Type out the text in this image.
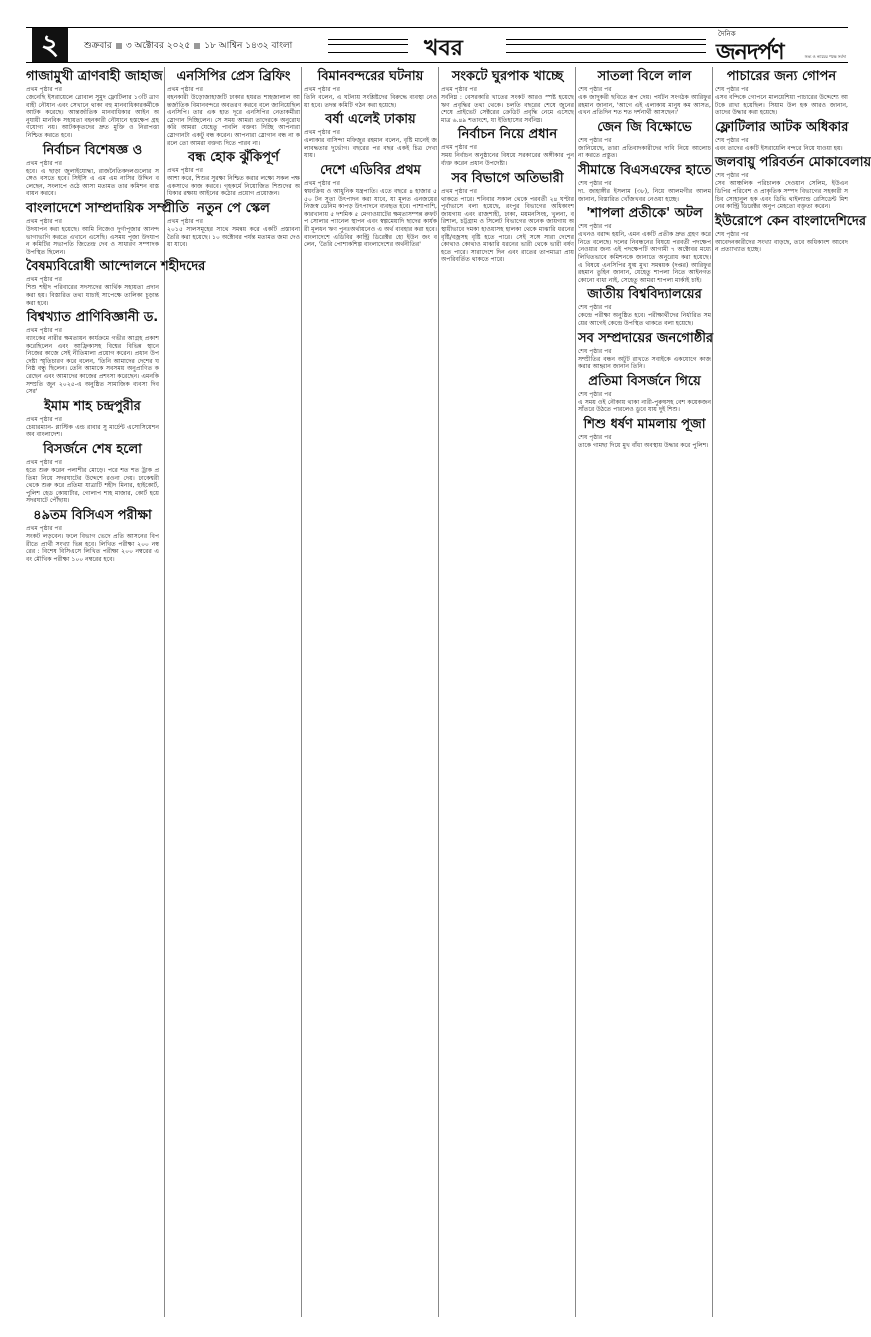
২	শুক্রবার ৩ অক্টোবর ২০২৫ ১৮ আশ্বিন ১৪৩২ বাংলা	খবর
দৈনিক
জনদর্পণ	সত্য ও ন্যায়ের পক্ষে সর্বদা
গাজামুখী ত্রাণবাহী জাহাজ

প্রথম পৃষ্ঠার পর

জেনেছি ইসরায়েলে গ্লোবাল সুমুদ ফ্লোটিলার ১৩টি ত্রাণবাহী নৌযান এবং সেখানে থাকা বহু মানবাধিকারকর্মীকে আটক করেছে। আন্তর্জাতিক মানবাধিকার আইন অনুযায়ী মানবিক সহায়তা বহনকারী নৌযানে হস্তক্ষেপ গ্রহণযোগ্য নয়। আটককৃতদের দ্রুত মুক্তি ও নিরাপত্তা নিশ্চিত করতে হবে।

নির্বাচন বিশেষজ্ঞ ও

প্রথম পৃষ্ঠার পর

হবে। এ ছাড়া জুলাইযোদ্ধা, রাজনৈতিকদলগুলোর সঙ্গেও বসতে হবে। সিইসি এ এম এম নাসির উদ্দিন বলেছেন, সংলাপে ওঠে আসা মতামত তার কমিশন বাস্তবায়ন করবে।

বাংলাদেশে সাম্প্রদায়িক সম্প্রীতি

প্রথম পৃষ্ঠার পর

উদযাপন করা হয়েছে। আমি নিজেও দুর্গাপূজার আনন্দ ভাগাভাগি করতে এখানে এসেছি। এসময় পূজা উদযাপন কমিটির সভাপতি জিতেন্দ্র দেব ও সাধারণ সম্পাদক উপস্থিত ছিলেন।

বৈষম্যবিরোধী আন্দোলনে শহীদদের

প্রথম পৃষ্ঠার পর

শিশু শহীদ পরিবারের সদস্যদের আর্থিক সহায়তা প্রদান করা হয়। বিস্তারিত তথ্য যাচাই সাপেক্ষে তালিকা চূড়ান্ত করা হবে।

বিশ্বখ্যাত প্রাণিবিজ্ঞানী ড.

প্রথম পৃষ্ঠার পর

ব্যাংকের নারীর ক্ষমতায়ন কার্যক্রমে গভীর আগ্রহ প্রকাশ করেছিলেন এবং আফ্রিকাসহ বিশ্বের বিভিন্ন স্থানে নিজের কাজে সেই নীতিমালা প্রয়োগ করেন। প্রধান উপদেষ্টা স্মৃতিচারণ করে বলেন, 'তিনি আমাদের দেশের ঘনিষ্ঠ বন্ধু ছিলেন। তেনি আমাকে সবসময় অনুপ্রাণিত করেছেন এবং আমাদের কাজের প্রশংসা করেছেন। এমনকি সম্প্রতি জুন ২০২৫-এ অনুষ্ঠিত সামাজিক ব্যবসা দিবসের'

ইমাম শাহ চন্দ্রপুরীর

প্রথম পৃষ্ঠার পর

চেয়ারম্যান- প্লাস্টিক এন্ড রাবার সু মার্চেন্ট এসোসিয়েশন অব বাংলাদেশ।

বিসর্জনে শেষ হলো

প্রথম পৃষ্ঠার পর

হতে শুরু করেন পলাশীর মোড়ে। পরে শত শত ট্রাক প্রতিমা নিয়ে সদরঘাটের উদ্দেশে রওনা দেয়। ঢাকেশ্বরী থেকে শুরু করে প্রতিমা যাত্রাটি শহীদ মিনার, হাইকোর্ট, পুলিশ হেড কোয়ার্টার, গোলাপ শাহ মাজার, কোর্ট হয়ে সদরঘাটে পৌঁছায়।

৪৯তম বিসিএস পরীক্ষা

প্রথম পৃষ্ঠার পর

সংকট লড়বেন। ফলে বিভাগ ভেদে প্রতি আসনের বিপরীতে প্রার্থী সংখ্যা ভিন্ন হবে। লিখিত পরীক্ষা ২০০ নম্বরের : বিশেষ বিসিএসে লিখিত পরীক্ষা ২০০ নম্বরের এবং মৌখিক পরীক্ষা ১০০ নম্বরের হবে।

এনসিপির প্রেস ব্রিফিং

প্রথম পৃষ্ঠার পর

বহনকারী উড়োজাহাজটি ঢাকার হযরত শাহজালাল আন্তর্জাতিক বিমানবন্দরে অবতরণ করবে বলে জানিয়েছিল এনসিপি। তার এক হাত দূরে এনসিপির নেতাকর্মীরা স্লোগান দিচ্ছিলেন। সে সময় আমরা তাদেরকে অনুরোধ করি আমরা যেহেতু পাবলি বক্তব্য দিচ্ছি আপনারা স্লোগানটা একটু বন্ধ করেন। আপনারা স্লোগান বন্ধ না করলে তো আমরা বক্তব্য দিতে পারব না।

বন্ধ হোক ঝুঁকিপূর্ণ

প্রথম পৃষ্ঠার পর

আশা করে, শিশুর সুরক্ষা নিশ্চিত করার লক্ষ্যে সকল পক্ষ একসাথে কাজ করবে। গৃহকর্মে নিয়োজিত শিশুদের অধিকার রক্ষায় আইনের কঠোর প্রয়োগ প্রয়োজন।

নতুন পে স্কেল

প্রথম পৃষ্ঠার পর

২০১৫ সালসমূহের সাথে সমন্বয় করে একটি প্রস্তাবনা তৈরি করা হয়েছে। ১০ অক্টোবর পর্যন্ত মতামত জমা দেওয়া যাবে।

বিমানবন্দরের ঘটনায়

প্রথম পৃষ্ঠার পর

তিনি বলেন, এ ঘটনায় সংশ্লিষ্টদের বিরুদ্ধে ব্যবস্থা নেওয়া হবে। তদন্ত কমিটি গঠন করা হয়েছে।

বর্ষা এলেই ঢাকায়

প্রথম পৃষ্ঠার পর

এলাকার বাসিন্দা মফিজুর রহমান বলেন, বৃষ্টি মানেই জলাবদ্ধতার দুর্ভোগ। বছরের পর বছর একই চিত্র দেখা যায়।

দেশে এডিবির প্রথম

প্রথম পৃষ্ঠার পর

স্বয়ংক্রিয় ও আধুনিক যন্ত্রপাতি। এতে বছরে ৪ হাজার ৫৫০ টন সুতা উৎপাদন করা যাবে, যা মূলত এনজয়ের নিজস্ব ডেনিম কাপড় উৎপাদনে ব্যবহৃত হবে। পাশাপাশি, কারখানায় ৫ দশমিক ৫ মেগাওয়াটের ক্ষমতাসম্পন্ন রুফটপ সোলার প্যানেল স্থাপন এবং স্বল্পমেয়াদি ছাদের কার্যকরী মূলধন ঋণ পুনঃঅর্থায়নেও এ অর্থ ব্যবহার করা হবে। বাংলাদেশে এডিবির কান্ট্রি ডিরেক্টর হো ইউন জং বলেন, 'তৈরি পোশাকশিল্প বাংলাদেশের অর্থনীতির'

সংকটে ঘুরপাক খাচ্ছে

প্রথম পৃষ্ঠার পর

সর্বনিম্ন : বেসরকারি খাতের সংকট আরও স্পষ্ট হয়েছে ঋণ প্রবৃদ্ধির তথ্য থেকে। চলতি বছরের শেষে জুনের শেষে প্রাইভেট সেক্টরের ক্রেডিট প্রবৃদ্ধি নেমে এসেছে মাত্র ৬.৪৯ শতাংশে, যা ইতিহাসের সর্বনিম্ন।

নির্বাচন নিয়ে প্রধান

প্রথম পৃষ্ঠার পর

সময় নির্বাচন অনুষ্ঠানের বিষয়ে সরকারের অঙ্গীকার পুনর্ব্যক্ত করেন প্রধান উপদেষ্টা।

সব বিভাগে অতিভারী

প্রথম পৃষ্ঠার পর

থাকতে পারে। শনিবার সকাল থেকে পরবর্তী ২৪ ঘণ্টার পূর্বাভাসে বলা হয়েছে, রংপুর বিভাগের অধিকাংশ জায়গায় এবং রাজশাহী, ঢাকা, ময়মনসিংহ, খুলনা, বরিশাল, চট্টগ্রাম ও সিলেট বিভাগের অনেক জায়গায় অস্থায়ীভাবে দমকা হাওয়াসহ হালকা থেকে মাঝারি ধরনের বৃষ্টি/বজ্রসহ বৃষ্টি হতে পারে। সেই সঙ্গে সারা দেশের কোথাও কোথাও মাঝারি ধরনের ভারী থেকে ভারী বর্ষণ হতে পারে। সারাদেশে দিন এবং রাতের তাপমাত্রা প্রায় অপরিবর্তিত থাকতে পারে।

সাতলা বিলে লাল

শেষ পৃষ্ঠার পর

এক জাদুকরী ছবিতে রূপ দেয়। পর্যটন সংগঠক আরিফুর রহমান জানান, 'আগে এই এলাকায় মানুষ কম আসত, এখন প্রতিদিন শত শত দর্শনার্থী আসছেন।'

জেন জি বিক্ষোভে

শেষ পৃষ্ঠার পর

জানিয়েছে, তারা প্রতিবাদকারীদের দাবি নিয়ে আলোচনা করতে প্রস্তুত।

সীমান্তে বিএসএফের হাতে

শেষ পৃষ্ঠার পর

দা. জাহাঙ্গীর ইসলাম (৩৮), নিয়ে আলমগীর আলম জানান, বিস্তারিত খোঁজখবর নেওয়া হচ্ছে।

'শাপলা প্রতীকে' অটল

শেষ পৃষ্ঠার পর

এখনও বরাদ্দ হয়নি, এমন একটি প্রতীক দ্রুত গ্রহণ করে নিতে বলেছে। দলের নিবন্ধনের বিষয়ে পরবর্তী পদক্ষেপ নেওয়ার জন্য এই পদক্ষেপটি আগামী ৭ অক্টোবর মধ্যে লিখিতভাবে কমিশনকে জানাতে অনুরোধ করা হয়েছে। এ বিষয়ে এনসিপির যুগ্ম মুখ্য সমন্বয়ক (দপ্তর) আরিফুর রহমান তুহিন জানান, যেহেতু শাপলা নিতে আইনগত কোনো বাধা নাই, সেহেতু আমরা শাপলা মার্কাই চাই।

জাতীয় বিশ্ববিদ্যালয়ের

শেষ পৃষ্ঠার পর

কেন্দ্রে পরীক্ষা অনুষ্ঠিত হবে। পরীক্ষার্থীদের নির্ধারিত সময়ের আগেই কেন্দ্রে উপস্থিত থাকতে বলা হয়েছে।

সব সম্প্রদায়ের জনগোষ্ঠীর

শেষ পৃষ্ঠার পর

সম্প্রীতির বন্ধন অটুট রাখতে সবাইকে একযোগে কাজ করার আহ্বান জানান তিনি।

প্রতিমা বিসর্জনে গিয়ে

শেষ পৃষ্ঠার পর

এ সময় ওই নৌকায় থাকা নারী-পুরুষসহ বেশ কয়েকজন সাঁতরে উঠতে পারলেও ডুবে যায় দুই শিশু।

শিশু ধর্ষণ মামলায় পূজা

শেষ পৃষ্ঠার পর

তাকে গামছা দিয়ে মুখ বাঁধা অবস্থায় উদ্ধার করে পুলিশ।

পাচারের জন্য গোপন

শেষ পৃষ্ঠার পর

এসব বন্দিকে গোপনে মালয়েশিয়া পাচারের উদ্দেশ্যে আটকে রাখা হয়েছিল। সিয়াম উল হক আরও জানান, তাদের উদ্ধার করা হয়েছে।

ফ্লোটিলার আটক অধিকার

শেষ পৃষ্ঠার পর

এবং তাদের একটি ইসরায়েলি বন্দরে নিয়ে যাওয়া হয়।

জলবায়ু পরিবর্তন মোকাবেলায়

শেষ পৃষ্ঠার পর

সেব আঞ্চলিক পরিচালক দেওয়ান সেলিম, ইউএনডিপির পরিবেশ ও প্রাকৃতিক সম্পদ বিভাগের সহকারী সচিব সোহানুল হক এবং ডিভি থাইল্যান্ড রেসিডেন্ট মিশনের কান্ট্রি ডিরেক্টর অনুপ মেহতো বক্তৃতা করেন।

ইউরোপে কেন বাংলাদেশিদের

শেষ পৃষ্ঠার পর

আবেদনকারীদের সংখ্যা বাড়ছে, তবে অধিকাংশ আবেদন প্রত্যাখ্যাত হচ্ছে।
